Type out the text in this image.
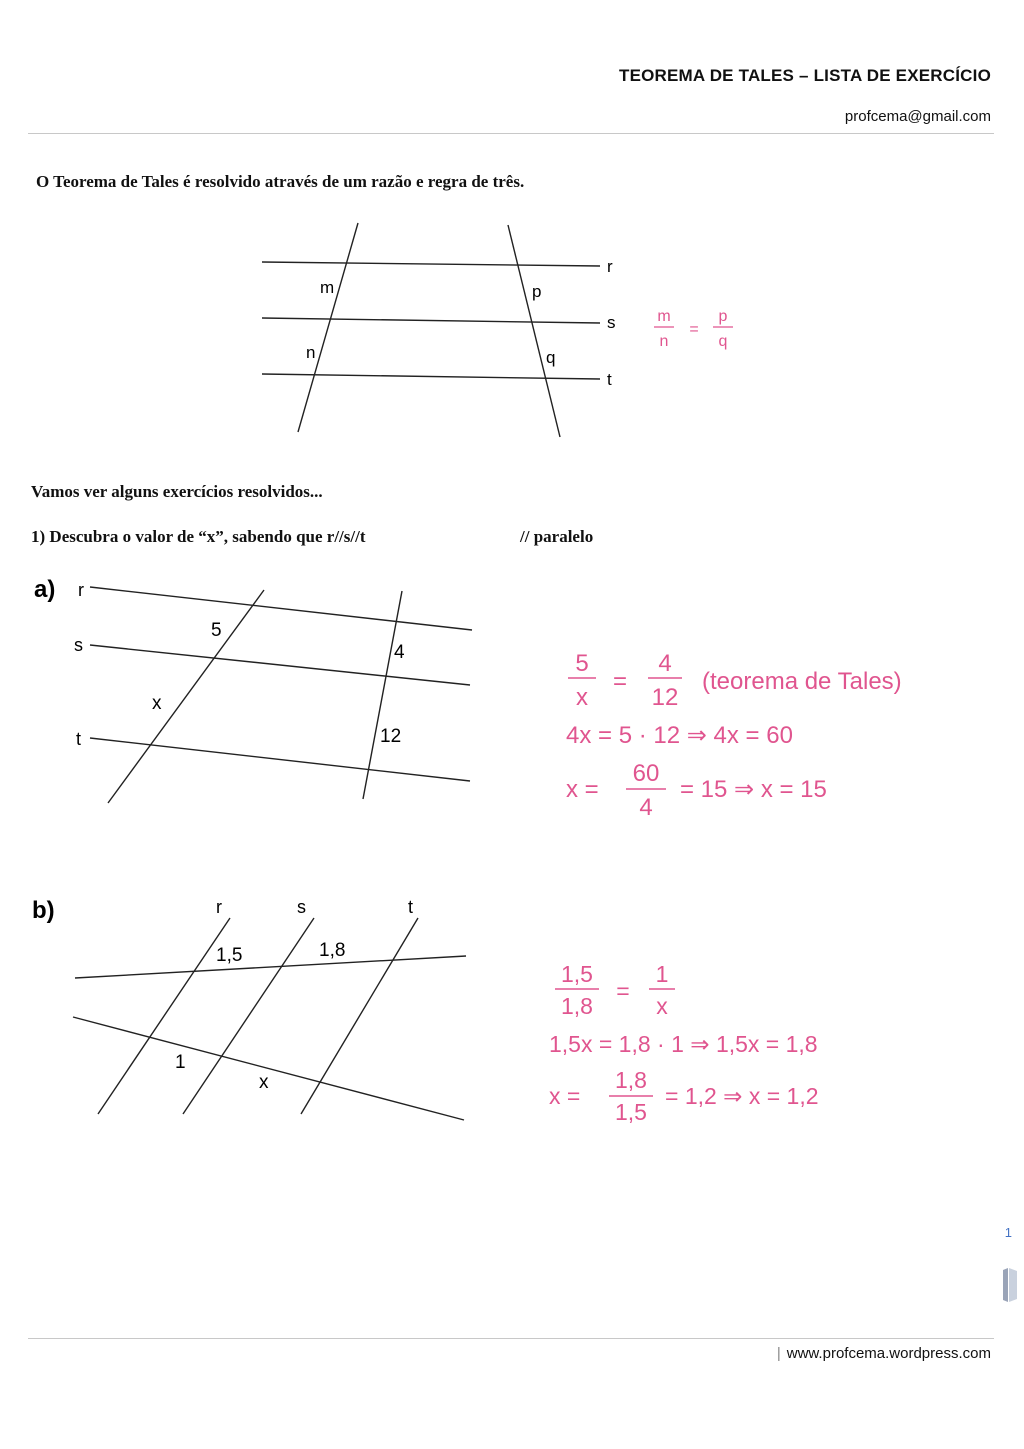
TEOREMA DE TALES – LISTA DE EXERCÍCIO
profcema@gmail.com
O Teorema de Tales é resolvido através de um razão e regra de três.
r
s
t
m
n
p
q
m
n
=
p
q
Vamos ver alguns exercícios resolvidos...
1) Descubra o valor de “x”, sabendo que r//s//t	// paralelo
a) r
s
t
5
x
4
12
5
x
=
4
12
(teorema de Tales)
4x = 5 · 12 ⇒ 4x = 60
x =
60
4
= 15 ⇒ x = 15
b)	r	s	t
1,5	1,8
1
x
1,5
1,8
=
1
x
1,5x = 1,8 · 1 ⇒ 1,5x = 1,8
x =
1,8
1,5
= 1,2 ⇒ x = 1,2
1
| www.profcema.wordpress.com
